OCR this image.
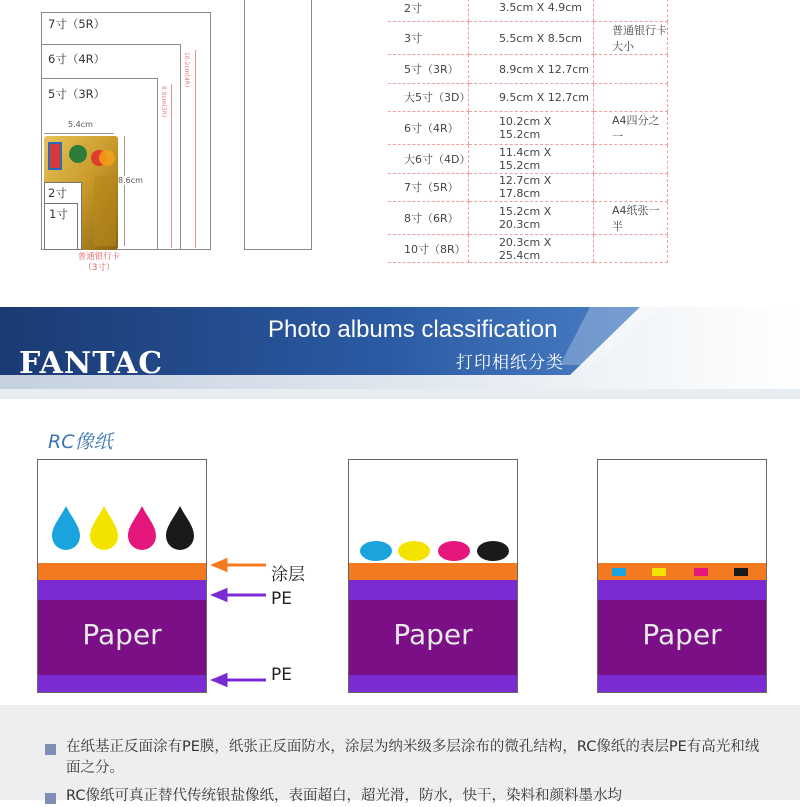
7寸（5R）
6寸（4R）
5寸（3R）
10.2cm(4R)
8.9cm(3R)
5.4cm
8.6cm
2寸
1寸
普通银行卡
（3寸）
2寸	3.5cm X 4.9cm	
3寸	5.5cm X 8.5cm	普通银行卡大小
5寸（3R）	8.9cm X 12.7cm	
大5寸（3D）	9.5cm X 12.7cm	
6寸（4R）	10.2cm X 15.2cm	A4四分之一
大6寸（4D）	11.4cm X 15.2cm	
7寸（5R）	12.7cm X 17.8cm	
8寸（6R）	15.2cm X 20.3cm	A4纸张一半
10寸（8R）	20.3cm X 25.4cm	
FANTAC
Photo albums classification
打印相纸分类
RC像纸
Paper
涂层
PE
PE
Paper	Paper
在纸基正反面涂有PE膜，纸张正反面防水，涂层为纳米级多层涂布的微孔结构，RC像纸的表层PE有高光和绒面之分。
RC像纸可真正替代传统银盐像纸，表面超白，超光滑，防水，快干，染料和颜料墨水均
